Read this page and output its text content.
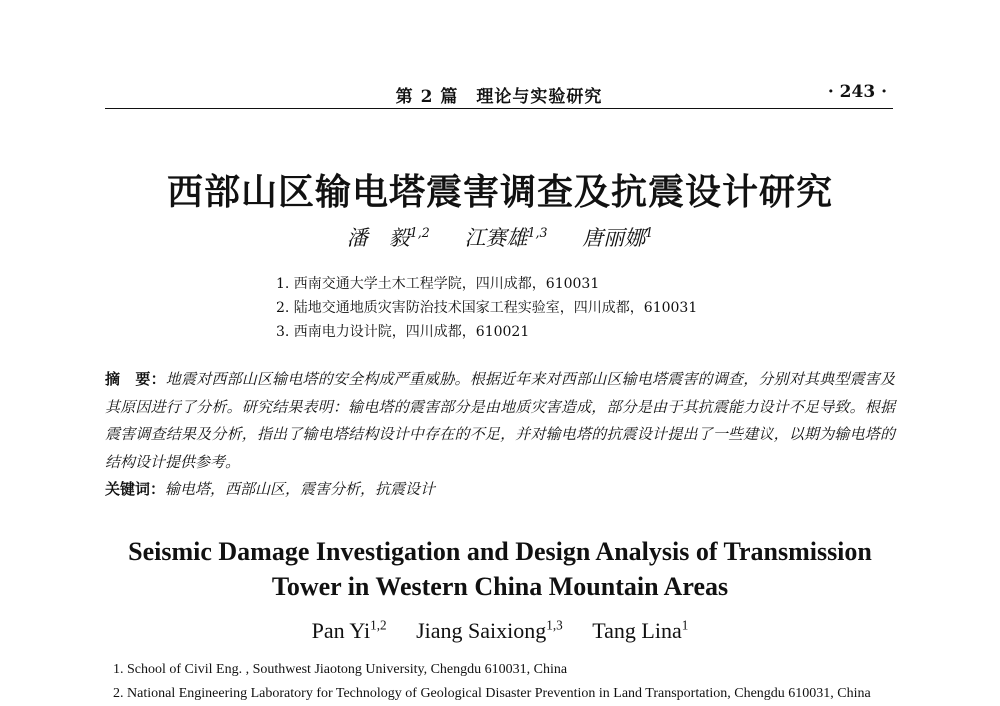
第 2 篇 理论与实验研究	· 243 ·
西部山区输电塔震害调查及抗震设计研究
潘　毅$^{1,2}$ 江赛雄$^{1,3}$ 唐丽娜$^1$
1. 西南交通大学土木工程学院，四川成都，610031
2. 陆地交通地质灾害防治技术国家工程实验室，四川成都，610031
3. 西南电力设计院，四川成都，610021
摘　要：地震对西部山区输电塔的安全构成严重威胁。根据近年来对西部山区输电塔震害的调查，分别对其典型震害及其原因进行了分析。研究结果表明：输电塔的震害部分是由地质灾害造成，部分是由于其抗震能力设计不足导致。根据震害调查结果及分析，指出了输电塔结构设计中存在的不足，并对输电塔的抗震设计提出了一些建议，以期为输电塔的结构设计提供参考。
关键词：输电塔，西部山区，震害分析，抗震设计
Seismic Damage Investigation and Design Analysis of Transmission
Tower in Western China Mountain Areas
Pan Yi$^{1,2}$ Jiang Saixiong$^{1,3}$ Tang Lina$^1$
1. School of Civil Eng. , Southwest Jiaotong University, Chengdu 610031, China
2. National Engineering Laboratory for Technology of Geological Disaster Prevention in Land Transportation, Chengdu 610031, China
